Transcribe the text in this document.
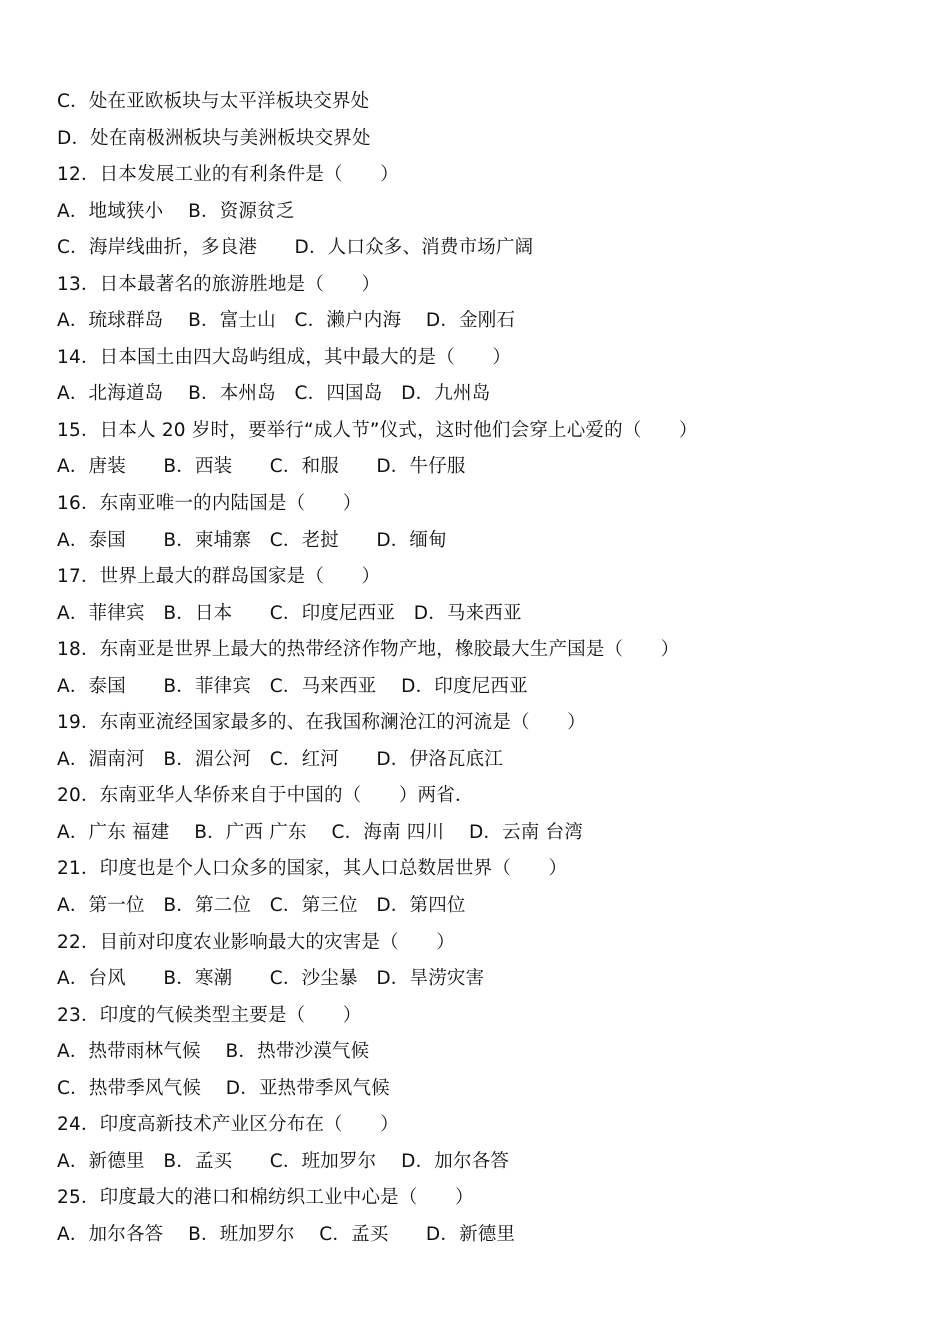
C．处在亚欧板块与太平洋板块交界处
D．处在南极洲板块与美洲板块交界处
12．日本发展工业的有利条件是（　　）
A．地域狭小　 B．资源贫乏
C．海岸线曲折，多良港　　D．人口众多、消费市场广阔
13．日本最著名的旅游胜地是（　　）
A．琉球群岛　 B．富士山　C．濑户内海　 D．金刚石
14．日本国土由四大岛屿组成，其中最大的是（　　）
A．北海道岛　 B．本州岛　C．四国岛　D．九州岛
15．日本人 20 岁时，要举行“成人节”仪式，这时他们会穿上心爱的（　　）
A．唐装　　B．西装　　C．和服　　D．牛仔服
16．东南亚唯一的内陆国是（　　）
A．泰国　　B．柬埔寨　C．老挝　　D．缅甸
17．世界上最大的群岛国家是（　　）
A．菲律宾　B．日本　　C．印度尼西亚　D．马来西亚
18．东南亚是世界上最大的热带经济作物产地，橡胶最大生产国是（　　）
A．泰国　　B．菲律宾　C．马来西亚　 D．印度尼西亚
19．东南亚流经国家最多的、在我国称澜沧江的河流是（　　）
A．湄南河　B．湄公河　C．红河　　D．伊洛瓦底江
20．东南亚华人华侨来自于中国的（　　）两省．
A．广东 福建　 B．广西 广东　 C．海南 四川　 D．云南 台湾
21．印度也是个人口众多的国家，其人口总数居世界（　　）
A．第一位　B．第二位　C．第三位　D．第四位
22．目前对印度农业影响最大的灾害是（　　）
A．台风　　B．寒潮　　C．沙尘暴　D．旱涝灾害
23．印度的气候类型主要是（　　）
A．热带雨林气候　 B．热带沙漠气候
C．热带季风气候　 D．亚热带季风气候
24．印度高新技术产业区分布在（　　）
A．新德里　B．孟买　　C．班加罗尔　 D．加尔各答
25．印度最大的港口和棉纺织工业中心是（　　）
A．加尔各答　 B．班加罗尔　 C．孟买　　D．新德里
